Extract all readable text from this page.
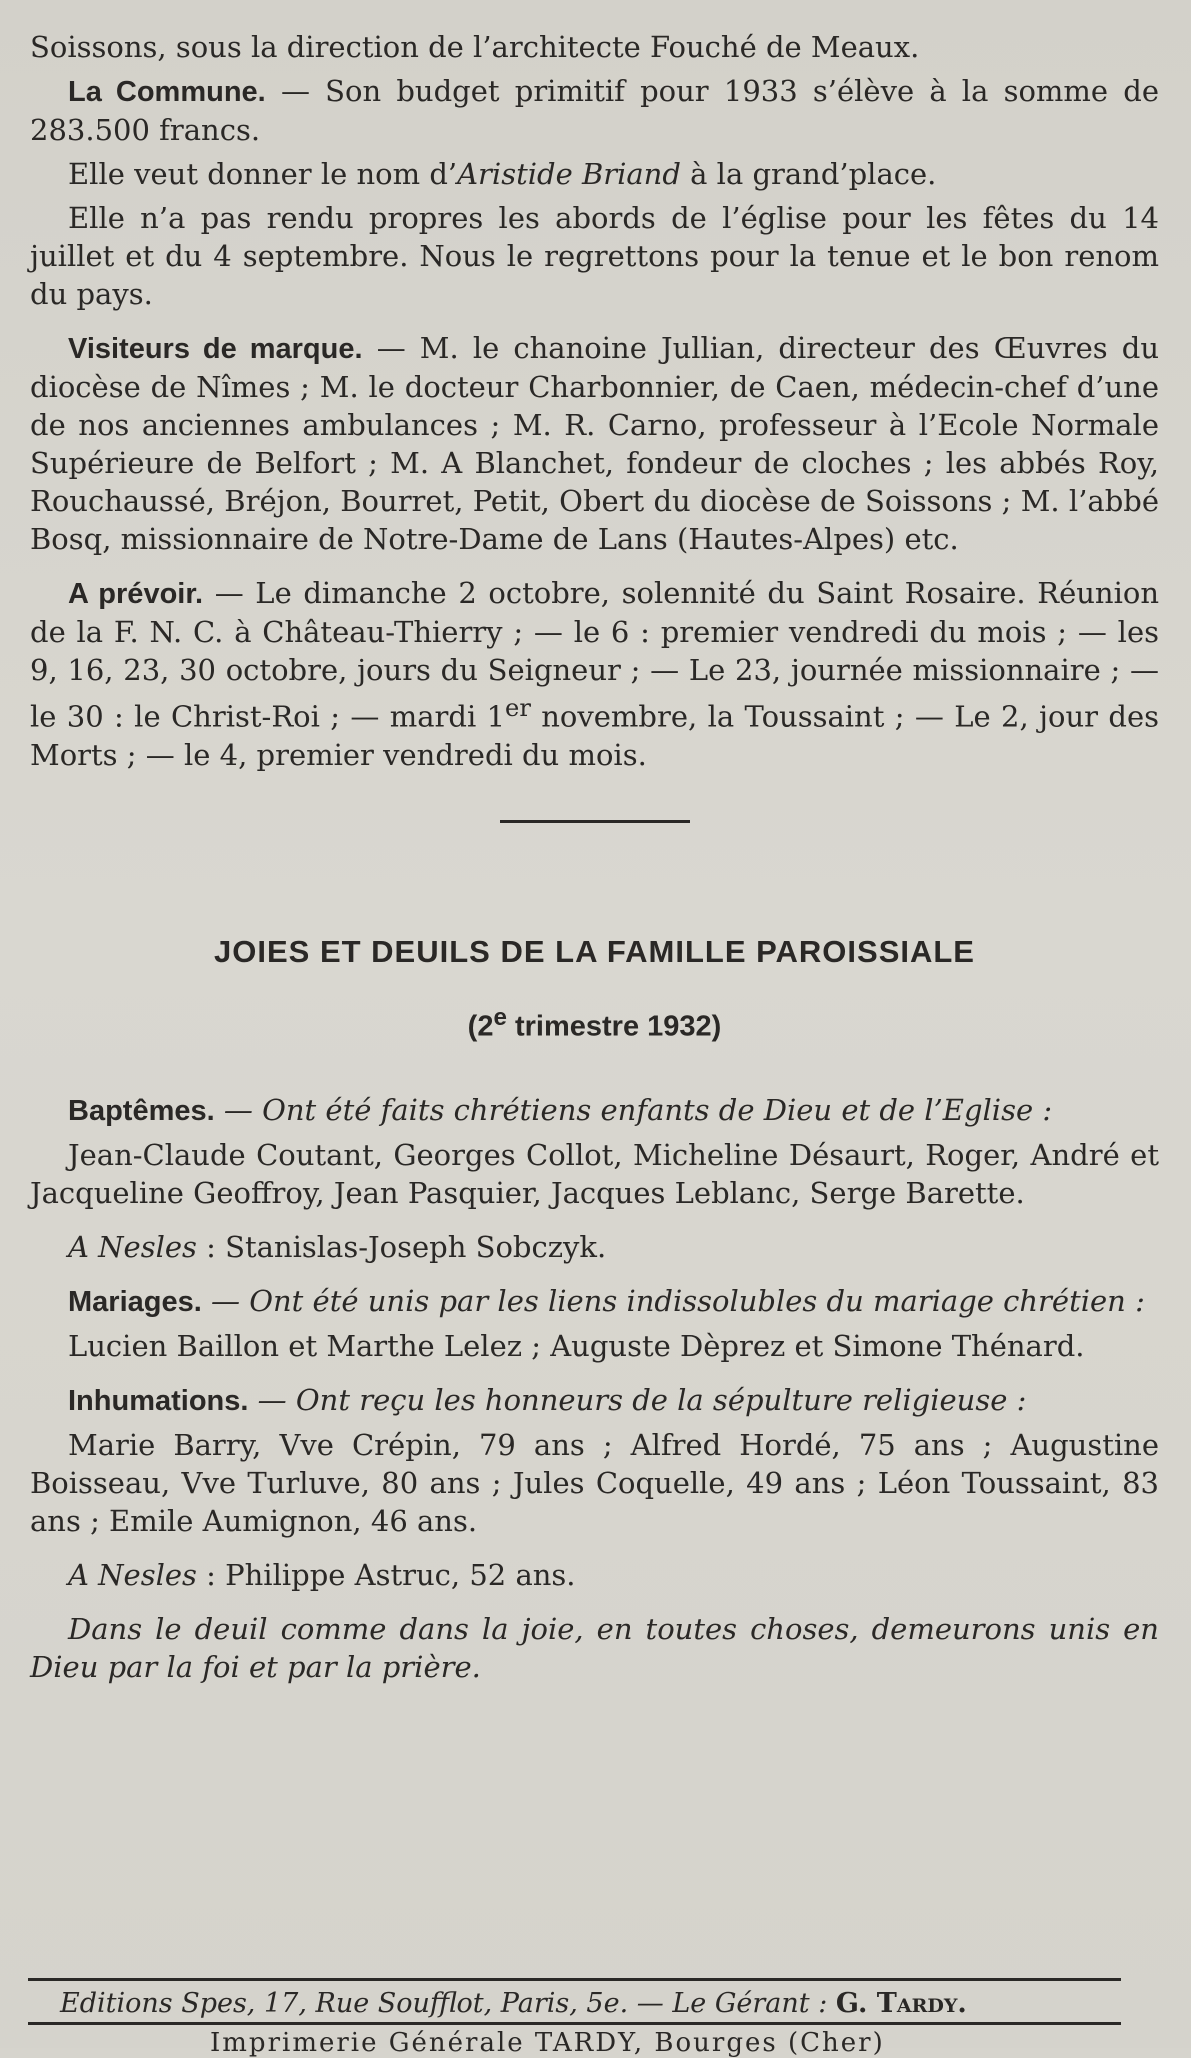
Soissons, sous la direction de l’architecte Fouché de Meaux.

La Commune. — Son budget primitif pour 1933 s’élève à la somme de 283.500 francs.

Elle veut donner le nom d’Aristide Briand à la grand’place.

Elle n’a pas rendu propres les abords de l’église pour les fêtes du 14 juillet et du 4 septembre. Nous le regrettons pour la tenue et le bon renom du pays.

Visiteurs de marque. — M. le chanoine Jullian, directeur des Œuvres du diocèse de Nîmes ; M. le docteur Charbonnier, de Caen, médecin-chef d’une de nos anciennes ambulances ; M. R. Carno, professeur à l’Ecole Normale Supérieure de Belfort ; M. A Blanchet, fondeur de cloches ; les abbés Roy, Rouchaussé, Bréjon, Bourret, Petit, Obert du diocèse de Soissons ; M. l’abbé Bosq, missionnaire de Notre-Dame de Lans (Hautes-Alpes) etc.

A prévoir. — Le dimanche 2 octobre, solennité du Saint Rosaire. Réunion de la F. N. C. à Château-Thierry ; — le 6 : premier vendredi du mois ; — les 9, 16, 23, 30 octobre, jours du Seigneur ; — Le 23, journée missionnaire ; — le 30 : le Christ-Roi ; — mardi 1er novembre, la Toussaint ; — Le 2, jour des Morts ; — le 4, premier vendredi du mois.

JOIES ET DEUILS DE LA FAMILLE PAROISSIALE

(2e trimestre 1932)

Baptêmes. — Ont été faits chrétiens enfants de Dieu et de l’Eglise :

Jean-Claude Coutant, Georges Collot, Micheline Désaurt, Roger, André et Jacqueline Geoffroy, Jean Pasquier, Jacques Leblanc, Serge Barette.

A Nesles : Stanislas-Joseph Sobczyk.

Mariages. — Ont été unis par les liens indissolubles du mariage chrétien :

Lucien Baillon et Marthe Lelez ; Auguste Dèprez et Simone Thénard.

Inhumations. — Ont reçu les honneurs de la sépulture religieuse :

Marie Barry, Vve Crépin, 79 ans ; Alfred Hordé, 75 ans ; Augustine Boisseau, Vve Turluve, 80 ans ; Jules Coquelle, 49 ans ; Léon Toussaint, 83 ans ; Emile Aumignon, 46 ans.

A Nesles : Philippe Astruc, 52 ans.

Dans le deuil comme dans la joie, en toutes choses, demeurons unis en Dieu par la foi et par la prière.

Editions Spes, 17, Rue Soufflot, Paris, 5e. — Le Gérant : G. Tardy.
Imprimerie Générale TARDY, Bourges (Cher)
